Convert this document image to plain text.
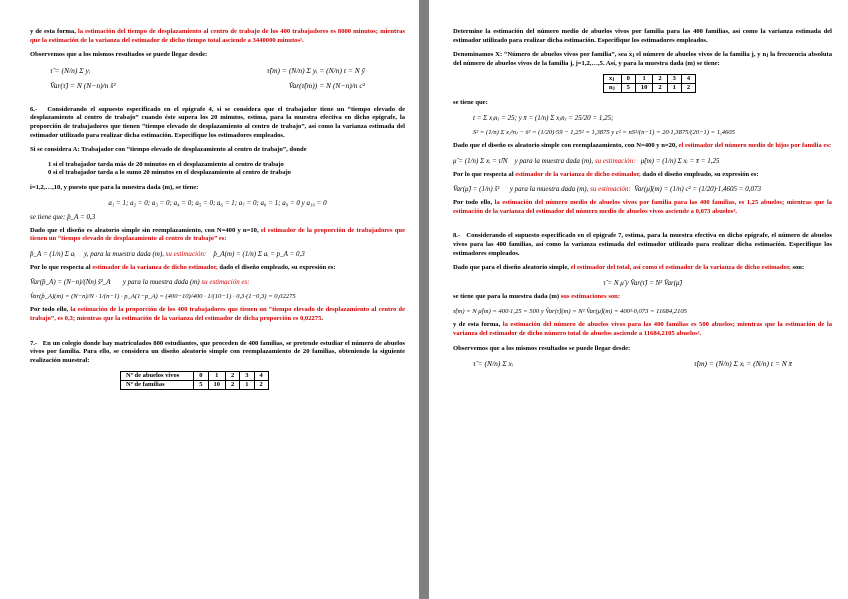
y de esta forma, la estimación del tiempo de desplazamiento al centro de trabajo de los 400 trabajadores es 8000 minutos; mientras que la estimación de la varianza del estimador de dicho tiempo total asciende a 3440000 minutos².

Observemos que a los mismos resultados se puede llegar desde:

τ̂ = (N/n) Σ yᵢ	τ̂(m) = (N/n) Σ yᵢ = (N/n) t = N ȳ
V̂ar(τ̂) = N (N−n)/n ŝ²	V̂ar(τ̂(m)) = N (N−n)/n c²

6.- Considerando el supuesto especificado en el epígrafe 4, si se considera que el trabajador tiene un “tiempo elevado de desplazamiento al centro de trabajo” cuando éste supera los 20 minutos, estima, para la muestra efectiva en dicho epígrafe, la proporción de trabajadores que tienen “tiempo elevado de desplazamiento al centro de trabajo”, así como la varianza estimada del estimador utilizado para realizar dicha estimación. Especifique los estimadores empleados.

Si se considera A: Trabajador con “tiempo elevado de desplazamiento al centro de trabajo”, donde

1 si el trabajador tarda más de 20 minutos en el desplazamiento al centro de trabajo

0 si el trabajador tarda a lo sumo 20 minutos en el desplazamiento al centro de trabajo

i=1,2,…,10, y puesto que para la muestra dada (m), se tiene:

a₁ = 1; a₂ = 0; a₃ = 0; a₄ = 0; a₅ = 0; a₆ = 1; a₇ = 0; a₈ = 1; a₉ = 0 y a₁₀ = 0

se tiene que: p̂_A = 0,3

Dado que el diseño es aleatorio simple sin reemplazamiento, con N=400 y n=10, el estimador de la proporción de trabajadores que tienen un “tiempo elevado de desplazamiento al centro de trabajo” es:

p̂_A = (1/n) Σ aᵢ y, para la muestra dada (m), su estimación: p̂_A(m) = (1/n) Σ aᵢ = p_A = 0,3

Por lo que respecta al estimador de la varianza de dicho estimador, dado el diseño empleado, su expresión es:

V̂ar(p̂_A) = (N−n)/(Nn) ŝ²_A y para la muestra dada (m) su estimación es:

V̂ar(p̂_A)(m) = (N−n)/N · 1/(n−1) · p_A(1−p_A) = (400−10)/400 · 1/(10−1) · 0,3·(1−0,3) = 0,02275

Por todo ello, la estimación de la proporción de los 400 trabajadores que tienen un “tiempo elevado de desplazamiento al centro de trabajo”, es 0,3; mientras que la estimación de la varianza del estimador de dicha proporción es 0,02275.

7.- En un colegio donde hay matriculados 800 estudiantes, que proceden de 400 familias, se pretende estudiar el número de abuelos vivos por familia. Para ello, se considera un diseño aleatorio simple con reemplazamiento de 20 familias, obteniendo la siguiente realización muestral:

Nº de abuelos vivos	0	1	2	3	4
Nº de familias	5	10	2	1	2

Determine la estimación del número medio de abuelos vivos por familia para las 400 familias, así como la varianza estimada del estimador utilizado para realizar dicha estimación. Especifique los estimadores empleados.

Denominamos X: “Número de abuelos vivos por familia”, sea xⱼ el número de abuelos vivos de la familia j, y nⱼ la frecuencia absoluta del número de abuelos vivos de la familia j, j=1,2,…,5. Así, y para la muestra dada (m) se tiene:

xⱼ	0	1	2	3	4
nⱼ	5	10	2	1	2

se tiene que:

t = Σ xⱼnⱼ = 25; y x̄ = (1/n) Σ xⱼnⱼ = 25/20 = 1,25;

S² = (1/n) Σ xⱼ²nⱼ − x̄² = (1/20)·59 − 1,25² = 1,3875 y c² = nS²/(n−1) = 20·1,3875/(20−1) = 1,4605

Dado que el diseño es aleatorio simple con reemplazamiento, con N=400 y n=20, el estimador del número medio de hijos por familia es:

μ̂ = (1/n) Σ xᵢ = τ̂/N y para la muestra dada (m), su estimación: μ̂(m) = (1/n) Σ xᵢ = x̄ = 1,25

Por lo que respecta al estimador de la varianza de dicho estimador, dado el diseño empleado, su expresión es:

V̂ar(μ̂) = (1/n) ŝ² y para la muestra dada (m), su estimación: V̂ar(μ̂)(m) = (1/n) c² = (1/20)·1,4605 = 0,073

Por todo ello, la estimación del número medio de abuelos vivos por familia para las 400 familias, es 1,25 abuelos; mientras que la estimación de la varianza del estimador del número medio de abuelos vivos asciende a 0,073 abuelos².

8.- Considerando el supuesto especificado en el epígrafe 7, estima, para la muestra efectiva en dicho epígrafe, el número de abuelos vivos para las 400 familias, así como la varianza estimada del estimador utilizado para realizar dicha estimación. Especifique los estimadores empleados.

Dado que para el diseño aleatorio simple, el estimador del total, así como el estimador de la varianza de dicho estimador, son:

τ̂ = N μ̂ y V̂ar(τ̂) = N² V̂ar(μ̂)

se tiene que para la muestra dada (m) sus estimaciones son:

τ̂(m) = N μ̂(m) = 400·1,25 = 500 y V̂ar(τ̂)(m) = N² V̂ar(μ̂)(m) = 400²·0,073 = 11684,2105

y de esta forma, la estimación del número de abuelos vivos para las 400 familias es 500 abuelos; mientras que la estimación de la varianza del estimador de dicho número total de abuelos asciende a 11684,2105 abuelos².

Observemos que a los mismos resultados se puede llegar desde:

τ̂ = (N/n) Σ xᵢ	τ̂(m) = (N/n) Σ xᵢ = (N/n) t = N x̄
